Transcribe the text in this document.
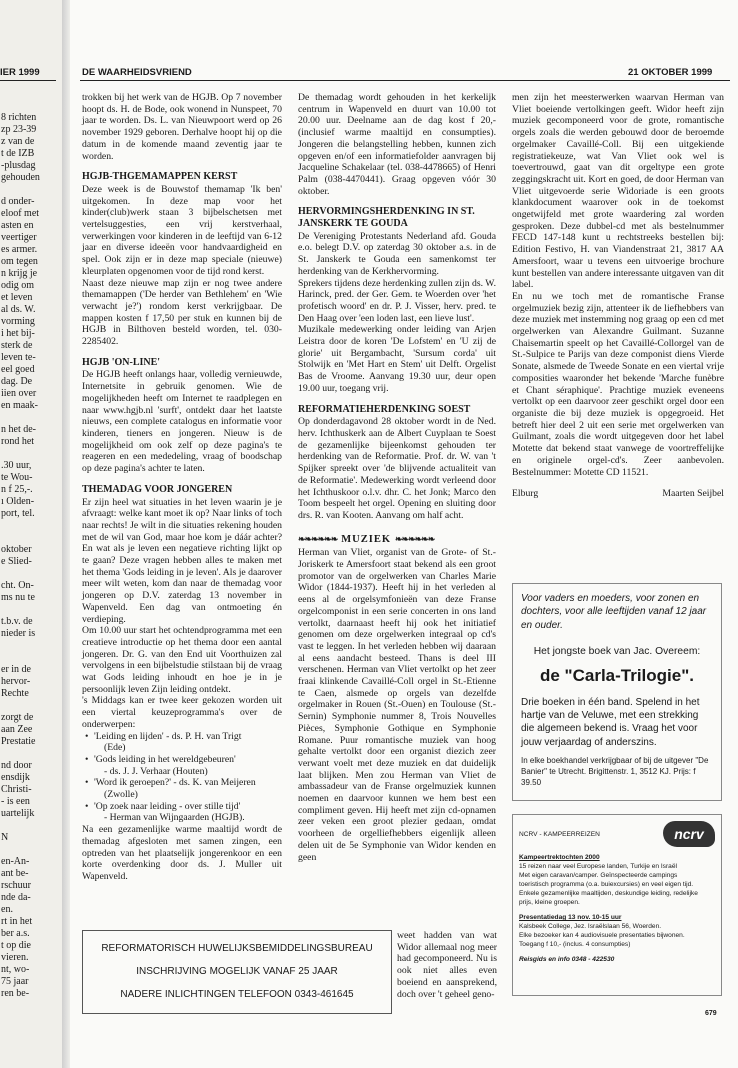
IER 1999
8 richten
zp 23-39
z van de
t de IZB
-plusdag
gehouden
d onder-
eloof met
asten en
veertiger
es armer.
om tegen
n krijg je
odig om
et leven
al ds. W.
vorming
i het bij-
sterk de
leven te-
eel goed
dag. De
iien over
en maak-
n het de-
rond het
.30 uur,
te Wou-
n f 25,-.
ı Olden-
port, tel.
oktober
e Slied-
cht. On-
ms nu te
t.b.v. de
nieder is
er in de
hervor-
Rechte
zorgt de
aan Zee
Prestatie
nd door
ensdijk
Christi-
- is een
uartelijk
N
en-An-
ant be-
rschuur
nde da-
en.
rt in het
ber a.s.
t op die
vieren.
nt, wo-
75 jaar
ren be-
DE WAARHEIDSVRIEND	21 OKTOBER 1999

trokken bij het werk van de HGJB. Op 7 november hoopt ds. H. de Bode, ook wonend in Nunspeet, 70 jaar te worden. Ds. L. van Nieuwpoort werd op 26 november 1929 geboren. Derhalve hoopt hij op die datum in de komende maand zeventig jaar te worden.

HGJB-THGEMAMAPPEN KERST

Deze week is de Bouwstof themamap 'Ik ben' uitgekomen. In deze map voor het kinder(club)werk staan 3 bijbelschetsen met vertelsuggesties, een vrij kerstverhaal, verwerkingen voor kinderen in de leeftijd van 6-12 jaar en diverse ideeën voor handvaardigheid en spel. Ook zijn er in deze map speciale (nieuwe) kleurplaten opgenomen voor de tijd rond kerst.

Naast deze nieuwe map zijn er nog twee andere themamappen ('De herder van Bethlehem' en 'Wie verwacht je?') rondom kerst verkrijgbaar. De mappen kosten f 17,50 per stuk en kunnen bij de HGJB in Bilthoven besteld worden, tel. 030-2285402.

HGJB 'ON-LINE'

De HGJB heeft onlangs haar, volledig vernieuwde, Internetsite in gebruik genomen. Wie de mogelijkheden heeft om Internet te raadplegen en naar www.hgjb.nl 'surft', ontdekt daar het laatste nieuws, een complete catalogus en informatie voor kinderen, tieners en jongeren. Nieuw is de mogelijkheid om ook zelf op deze pagina's te reageren en een mededeling, vraag of boodschap op deze pagina's achter te laten.

THEMADAG VOOR JONGEREN

Er zijn heel wat situaties in het leven waarin je je afvraagt: welke kant moet ik op? Naar links of toch naar rechts! Je wilt in die situaties rekening houden met de wil van God, maar hoe kom je dáár achter? En wat als je leven een negatieve richting lijkt op te gaan? Deze vragen hebben alles te maken met het thema 'Gods leiding in je leven'. Als je daarover meer wilt weten, kom dan naar de themadag voor jongeren op D.V. zaterdag 13 november in Wapenveld. Een dag van ontmoeting én verdieping.

Om 10.00 uur start het ochtendprogramma met een creatieve introductie op het thema door een aantal jongeren. Dr. G. van den End uit Voorthuizen zal vervolgens in een bijbelstudie stilstaan bij de vraag wat Gods leiding inhoudt en hoe je in je persoonlijk leven Zijn leiding ontdekt.

's Middags kan er twee keer gekozen worden uit een viertal keuzeprogramma's over de onderwerpen:

• 'Leiding en lijden' - ds. P. H. van Trigt
(Ede)
• 'Gods leiding in het wereldgebeuren'
- ds. J. J. Verhaar (Houten)
• 'Word ik geroepen?' - ds. K. van Meijeren
(Zwolle)
• 'Op zoek naar leiding - over stille tijd'
- Herman van Wijngaarden (HGJB).

Na een gezamenlijke warme maaltijd wordt de themadag afgesloten met samen zingen, een optreden van het plaatselijk jongerenkoor en een korte overdenking door ds. J. Muller uit Wapenveld.

De themadag wordt gehouden in het kerkelijk centrum in Wapenveld en duurt van 10.00 tot 20.00 uur. Deelname aan de dag kost f 20,- (inclusief warme maaltijd en consumpties). Jongeren die belangstelling hebben, kunnen zich opgeven en/of een informatiefolder aanvragen bij Jacqueline Schakelaar (tel. 038-4478665) of Henri Palm (038-4470441). Graag opgeven vóór 30 oktober.

HERVORMINGSHERDENKING IN ST. JANSKERK TE GOUDA

De Vereniging Protestants Nederland afd. Gouda e.o. belegt D.V. op zaterdag 30 oktober a.s. in de St. Janskerk te Gouda een samenkomst ter herdenking van de Kerkhervorming.

Sprekers tijdens deze herdenking zullen zijn ds. W. Harinck, pred. der Ger. Gem. te Woerden over 'het profetisch woord' en dr. P. J. Visser, herv. pred. te Den Haag over 'een loden last, een lieve lust'.

Muzikale medewerking onder leiding van Arjen Leistra door de koren 'De Lofstem' en 'U zij de glorie' uit Bergambacht, 'Sursum corda' uit Stolwijk en 'Met Hart en Stem' uit Delft. Orgelist Bas de Vroome. Aanvang 19.30 uur, deur open 19.00 uur, toegang vrij.

REFORMATIEHERDENKING SOEST

Op donderdagavond 28 oktober wordt in de Ned. herv. Ichthuskerk aan de Albert Cuyplaan te Soest de gezamenlijke bijeenkomst gehouden ter herdenking van de Reformatie. Prof. dr. W. van 't Spijker spreekt over 'de blijvende actualiteit van de Reformatie'. Medewerking wordt verleend door het Ichthuskoor o.l.v. dhr. C. het Jonk; Marco den Toom bespeelt het orgel. Opening en sluiting door drs. R. van Kooten. Aanvang om half acht.

❧❧❧❧❧❧ MUZIEK ❧❧❧❧❧❧

Herman van Vliet, organist van de Grote- of St.-Joriskerk te Amersfoort staat bekend als een groot promotor van de orgelwerken van Charles Marie Widor (1844-1937). Heeft hij in het verleden al eens al de orgelsymfonieën van deze Franse orgelcomponist in een serie concerten in ons land vertolkt, daarnaast heeft hij ook het initiatief genomen om deze orgelwerken integraal op cd's vast te leggen. In het verleden hebben wij daaraan al eens aandacht besteed. Thans is deel III verschenen. Herman van Vliet vertolkt op het zeer fraai klinkende Cavaillé-Coll orgel in St.-Etienne te Caen, alsmede op orgels van dezelfde orgelmaker in Rouen (St.-Ouen) en Toulouse (St.-Sernin) Symphonie nummer 8, Trois Nouvelles Pièces, Symphonie Gothique en Symphonie Romane. Puur romantische muziek van hoog gehalte vertolkt door een organist diezich zeer verwant voelt met deze muziek en dat duidelijk laat blijken. Men zou Herman van Vliet de ambassadeur van de Franse orgelmuziek kunnen noemen en daarvoor kunnen we hem best een compliment geven. Hij heeft met zijn cd-opnamen zeer veken een groot plezier gedaan, omdat voorheen de orgelliefhebbers eigenlijk alleen delen uit de 5e Symphonie van Widor kenden en geen

weet hadden van wat Widor allemaal nog meer had gecomponeerd. Nu is ook niet alles even boeiend en aansprekend, doch over 't geheel geno-

men zijn het meesterwerken waarvan Herman van Vliet boeiende vertolkingen geeft. Widor heeft zijn muziek gecomponeerd voor de grote, romantische orgels zoals die werden gebouwd door de beroemde orgelmaker Cavaillé-Coll. Bij een uitgekiende registratiekeuze, wat Van Vliet ook wel is toevertrouwd, gaat van dit orgeltype een grote zeggingskracht uit. Kort en goed, de door Herman van Vliet uitgevoerde serie Widoriade is een groots klankdocument waarover ook in de toekomst ongetwijfeld met grote waardering zal worden gesproken. Deze dubbel-cd met als bestelnummer FECD 147-148 kunt u rechtstreeks bestellen bij: Edition Festivo, H. van Viandenstraat 21, 3817 AA Amersfoort, waar u tevens een uitvoerige brochure kunt bestellen van andere interessante uitgaven van dit label.

En nu we toch met de romantische Franse orgelmuziek bezig zijn, attenteer ik de liefhebbers van deze muziek met instemming nog graag op een cd met orgelwerken van Alexandre Guilmant. Suzanne Chaisemartin speelt op het Cavaillé-Collorgel van de St.-Sulpice te Parijs van deze componist diens Vierde Sonate, alsmede de Tweede Sonate en een viertal vrije composities waaronder het bekende 'Marche funèbre et Chant séraphique'. Prachtige muziek eveneens vertolkt op een daarvoor zeer geschikt orgel door een organiste die bij deze muziek is opgegroeid. Het betreft hier deel 2 uit een serie met orgelwerken van Guilmant, zoals die wordt uitgegeven door het label Motette dat bekend staat vanwege de voortreffelijke en originele orgel-cd's. Zeer aanbevolen. Bestelnummer: Motette CD 11521.

Elburg	Maarten Seijbel
Voor vaders en moeders, voor zonen en dochters, voor alle leeftijden vanaf 12 jaar en ouder.
Het jongste boek van Jac. Overeem:
de "Carla-Trilogie".
Drie boeken in één band. Spelend in het hartje van de Veluwe, met een strekking die algemeen bekend is. Vraag het voor jouw verjaardag of anderszins.
In elke boekhandel verkrijgbaar of bij de uitgever "De Banier" te Utrecht. Brigittenstr. 1, 3512 KJ. Prijs: f 39.50
NCRV - KAMPEERREIZEN	ncrv
Kampeertrektochten 2000
15 reizen naar veel Europese landen, Turkije en Israël
Met eigen caravan/camper. Geïnspecteerde campings
toeristisch programma (o.a. buiexcursies) en veel eigen tijd.
Enkele gezamenlijke maaltijden, deskundige leiding, redelijke
prijs, kleine groepen.
Presentatiedag 13 nov. 10-15 uur
Kalsbeek College, Jez. Israëlslaan 56, Woerden.
Elke bezoeker kan 4 audiovisuele presentaties bijwonen.
Toegang f 10,- (inclus. 4 consumpties)
Reisgids en info 0348 - 422530
REFORMATORISCH HUWELIJKSBEMIDDELINGSBUREAU
INSCHRIJVING MOGELIJK VANAF 25 JAAR
NADERE INLICHTINGEN TELEFOON 0343-461645
679
